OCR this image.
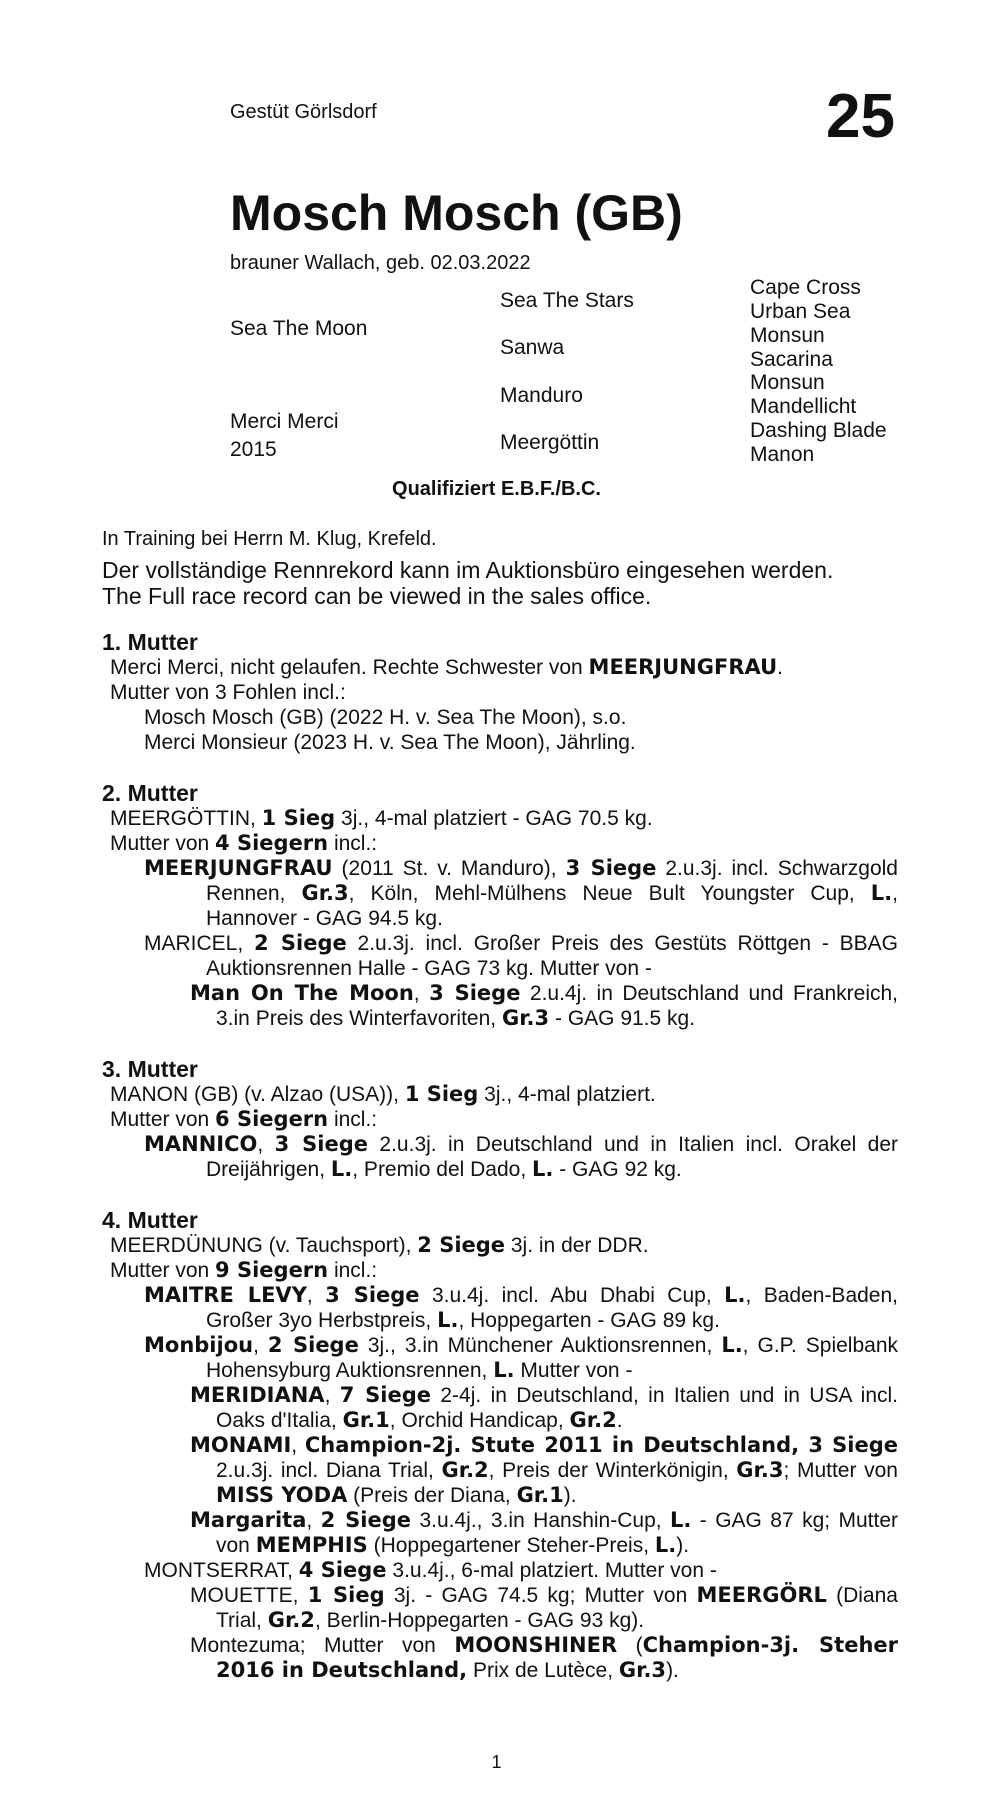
Gestüt Görlsdorf	25
Mosch Mosch (GB)
brauner Wallach, geb. 02.03.2022
Sea The Moon
Merci Merci
2015
Sea The Stars
Sanwa
Manduro
Meergöttin
Cape Cross
Urban Sea
Monsun
Sacarina
Monsun
Mandellicht
Dashing Blade
Manon
Qualifiziert E.B.F./B.C.
In Training bei Herrn M. Klug, Krefeld.
Der vollständige Rennrekord kann im Auktionsbüro eingesehen werden.
The Full race record can be viewed in the sales office.
1. Mutter
Merci Merci, nicht gelaufen. Rechte Schwester von MEERJUNGFRAU.
Mutter von 3 Fohlen incl.:
Mosch Mosch (GB) (2022 H. v. Sea The Moon), s.o.
Merci Monsieur (2023 H. v. Sea The Moon), Jährling.
2. Mutter
MEERGÖTTIN, 1 Sieg 3j., 4-mal platziert - GAG 70.5 kg.
Mutter von 4 Siegern incl.:
MEERJUNGFRAU (2011 St. v. Manduro), 3 Siege 2.u.3j. incl. Schwarzgold Rennen, Gr.3, Köln, Mehl-Mülhens Neue Bult Youngster Cup, L., Hannover - GAG 94.5 kg.
MARICEL, 2 Siege 2.u.3j. incl. Großer Preis des Gestüts Röttgen - BBAG Auktionsrennen Halle - GAG 73 kg. Mutter von -
Man On The Moon, 3 Siege 2.u.4j. in Deutschland und Frankreich, 3.in Preis des Winterfavoriten, Gr.3 - GAG 91.5 kg.
3. Mutter
MANON (GB) (v. Alzao (USA)), 1 Sieg 3j., 4-mal platziert.
Mutter von 6 Siegern incl.:
MANNICO, 3 Siege 2.u.3j. in Deutschland und in Italien incl. Orakel der Dreijährigen, L., Premio del Dado, L. - GAG 92 kg.
4. Mutter
MEERDÜNUNG (v. Tauchsport), 2 Siege 3j. in der DDR.
Mutter von 9 Siegern incl.:
MAITRE LEVY, 3 Siege 3.u.4j. incl. Abu Dhabi Cup, L., Baden-Baden, Großer 3yo Herbstpreis, L., Hoppegarten - GAG 89 kg.
Monbijou, 2 Siege 3j., 3.in Münchener Auktionsrennen, L., G.P. Spielbank Hohensyburg Auktionsrennen, L. Mutter von -
MERIDIANA, 7 Siege 2-4j. in Deutschland, in Italien und in USA incl. Oaks d'Italia, Gr.1, Orchid Handicap, Gr.2.
MONAMI, Champion-2j. Stute 2011 in Deutschland, 3 Siege 2.u.3j. incl. Diana Trial, Gr.2, Preis der Winterkönigin, Gr.3; Mutter von MISS YODA (Preis der Diana, Gr.1).
Margarita, 2 Siege 3.u.4j., 3.in Hanshin-Cup, L. - GAG 87 kg; Mutter von MEMPHIS (Hoppegartener Steher-Preis, L.).
MONTSERRAT, 4 Siege 3.u.4j., 6-mal platziert. Mutter von -
MOUETTE, 1 Sieg 3j. - GAG 74.5 kg; Mutter von MEERGÖRL (Diana Trial, Gr.2, Berlin-Hoppegarten - GAG 93 kg).
Montezuma; Mutter von MOONSHINER (Champion-3j. Steher 2016 in Deutschland, Prix de Lutèce, Gr.3).
1
